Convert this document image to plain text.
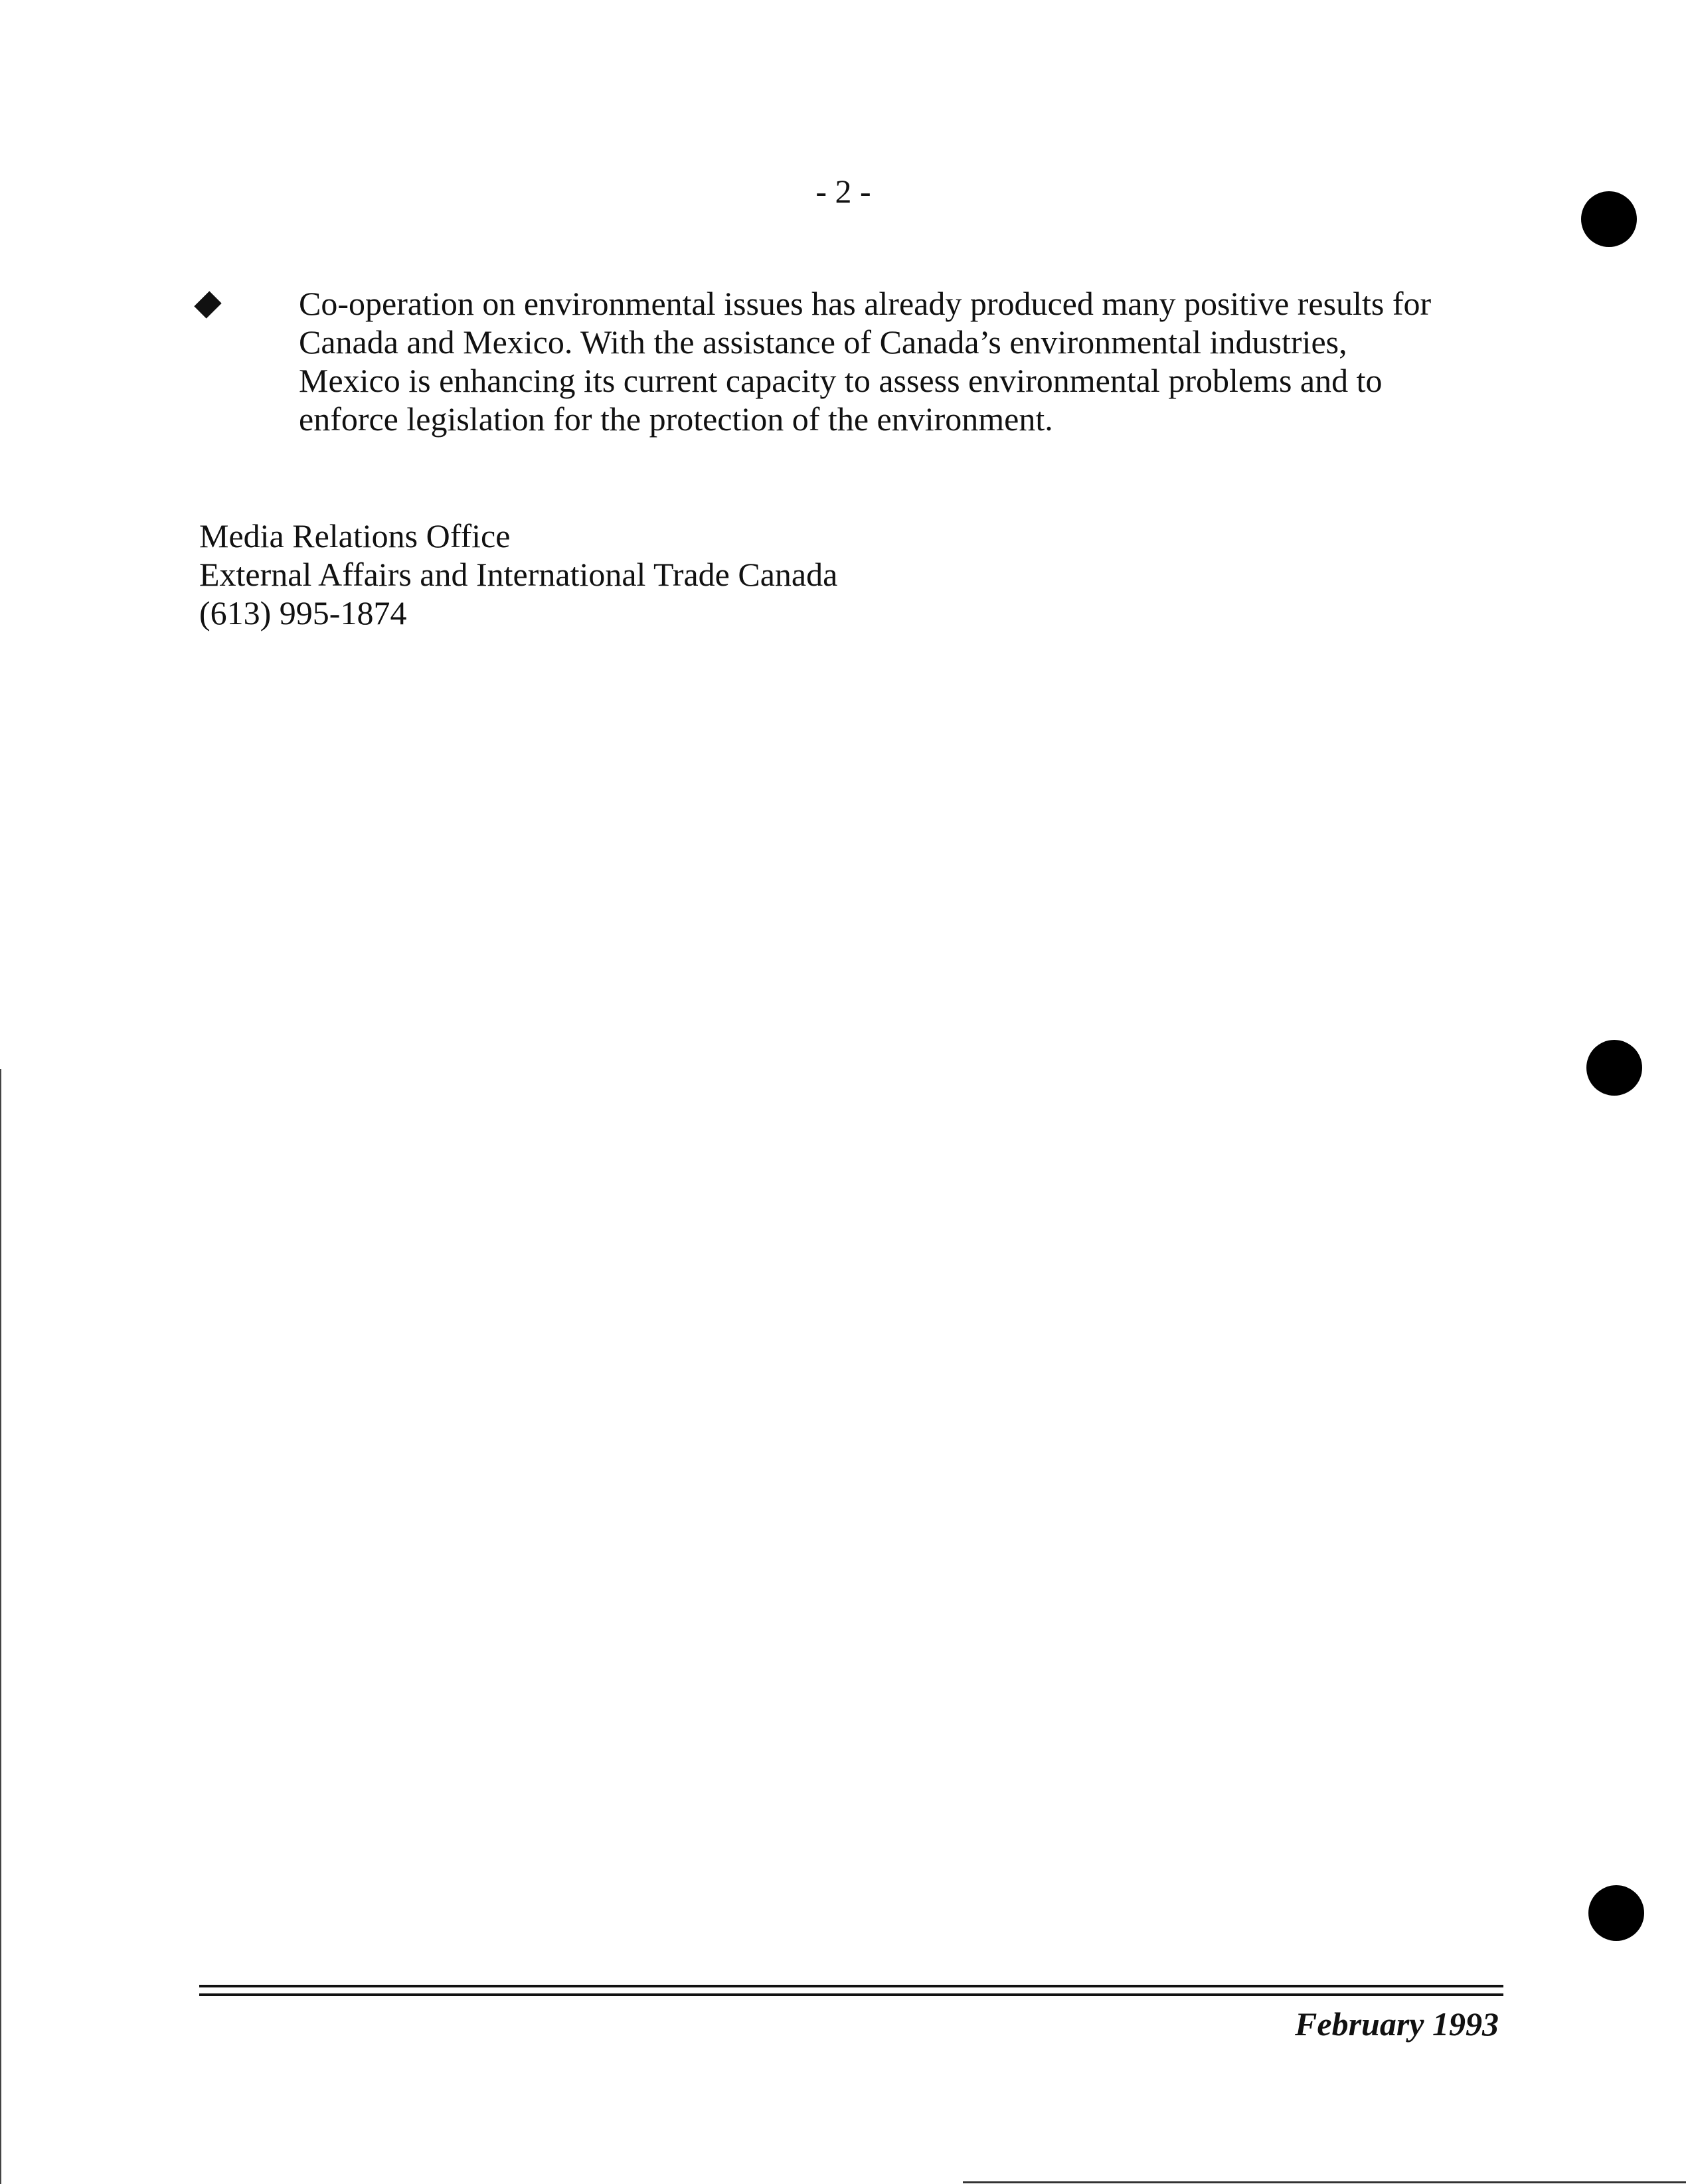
- 2 -
Co-operation on environmental issues has already produced many positive results for
Canada and Mexico. With the assistance of Canada’s environmental industries,
Mexico is enhancing its current capacity to assess environmental problems and to
enforce legislation for the protection of the environment.
Media Relations Office
External Affairs and International Trade Canada
(613) 995-1874
February 1993
